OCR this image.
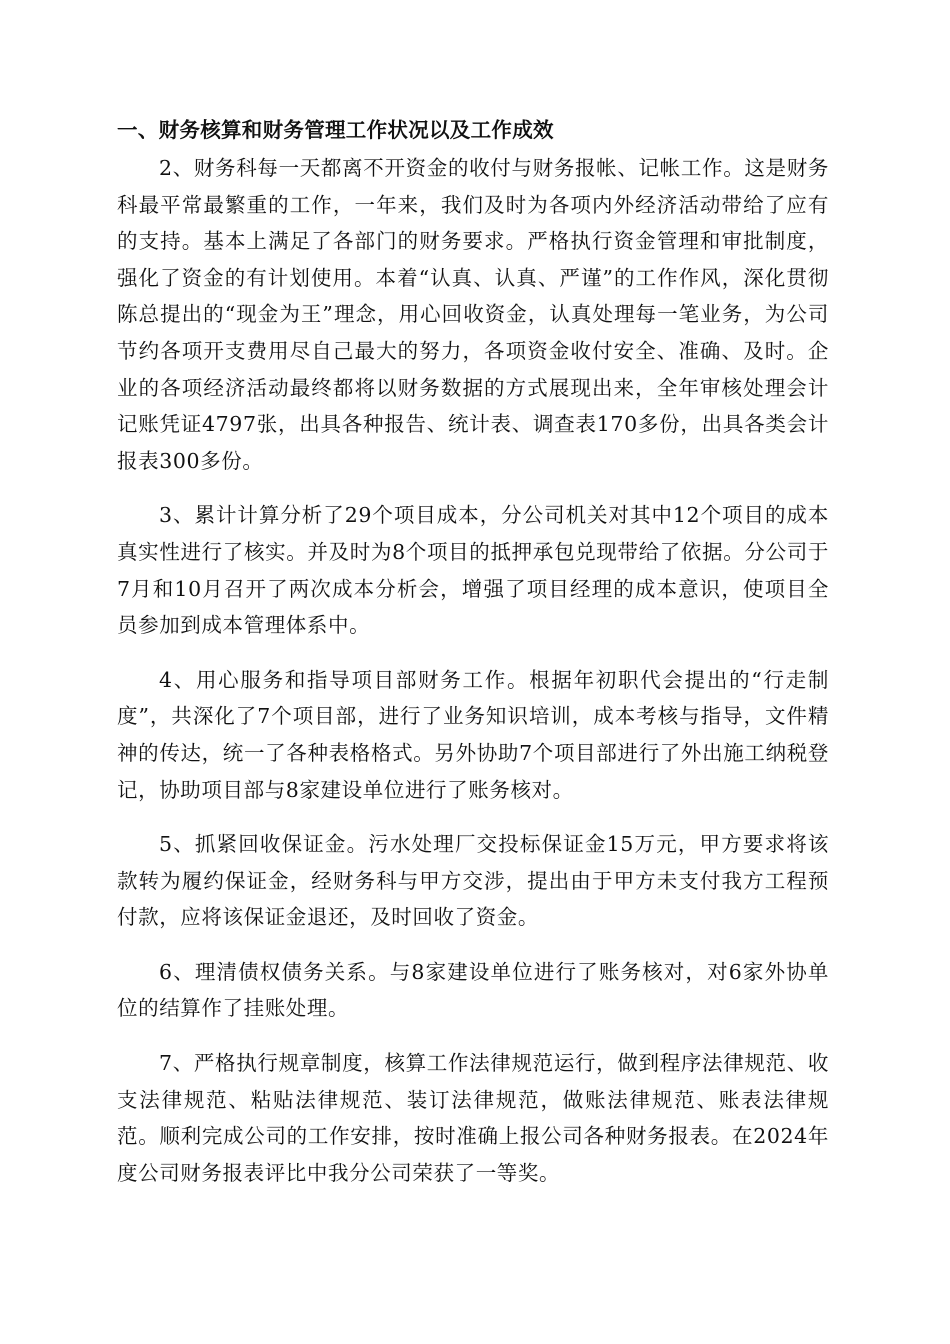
一、财务核算和财务管理工作状况以及工作成效

2、财务科每一天都离不开资金的收付与财务报帐、记帐工作。这是财务科最平常最繁重的工作，一年来，我们及时为各项内外经济活动带给了应有的支持。基本上满足了各部门的财务要求。严格执行资金管理和审批制度，强化了资金的有计划使用。本着“认真、认真、严谨”的工作作风，深化贯彻陈总提出的“现金为王”理念，用心回收资金，认真处理每一笔业务，为公司节约各项开支费用尽自己最大的努力，各项资金收付安全、准确、及时。企业的各项经济活动最终都将以财务数据的方式展现出来，全年审核处理会计记账凭证4797张，出具各种报告、统计表、调查表170多份，出具各类会计报表300多份。

3、累计计算分析了29个项目成本，分公司机关对其中12个项目的成本真实性进行了核实。并及时为8个项目的抵押承包兑现带给了依据。分公司于7月和10月召开了两次成本分析会，增强了项目经理的成本意识，使项目全员参加到成本管理体系中。

4、用心服务和指导项目部财务工作。根据年初职代会提出的“行走制度”，共深化了7个项目部，进行了业务知识培训，成本考核与指导，文件精神的传达，统一了各种表格格式。另外协助7个项目部进行了外出施工纳税登记，协助项目部与8家建设单位进行了账务核对。

5、抓紧回收保证金。污水处理厂交投标保证金15万元，甲方要求将该款转为履约保证金，经财务科与甲方交涉，提出由于甲方未支付我方工程预付款，应将该保证金退还，及时回收了资金。

6、理清债权债务关系。与8家建设单位进行了账务核对，对6家外协单位的结算作了挂账处理。

7、严格执行规章制度，核算工作法律规范运行，做到程序法律规范、收支法律规范、粘贴法律规范、装订法律规范，做账法律规范、账表法律规范。顺利完成公司的工作安排，按时准确上报公司各种财务报表。在2024年度公司财务报表评比中我分公司荣获了一等奖。
